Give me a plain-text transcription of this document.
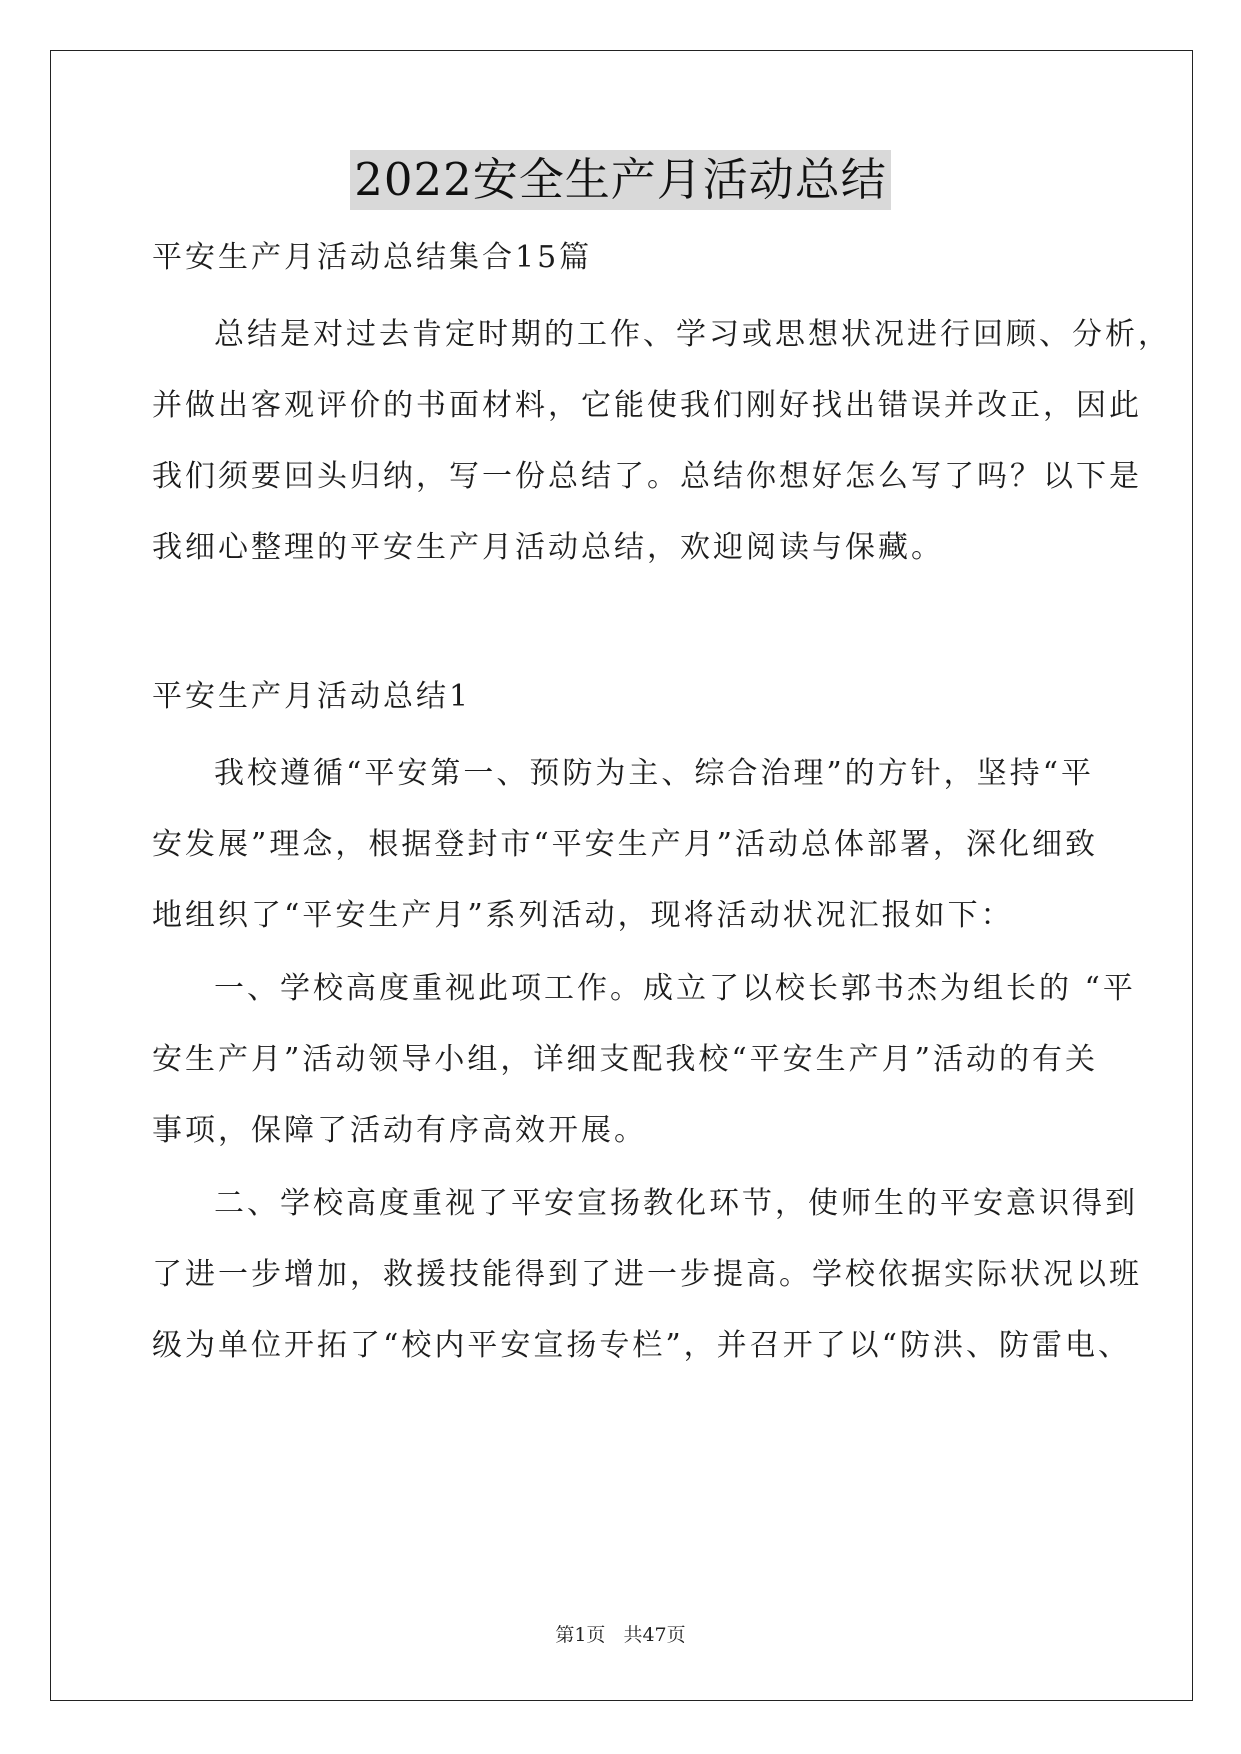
2022安全生产月活动总结
平安生产月活动总结集合15篇
总结是对过去肯定时期的工作、学习或思想状况进行回顾、分析，
并做出客观评价的书面材料，它能使我们刚好找出错误并改正，因此
我们须要回头归纳，写一份总结了。总结你想好怎么写了吗？以下是
我细心整理的平安生产月活动总结，欢迎阅读与保藏。
平安生产月活动总结1
我校遵循“平安第一、预防为主、综合治理”的方针，坚持“平
安发展”理念，根据登封市“平安生产月”活动总体部署，深化细致
地组织了“平安生产月”系列活动，现将活动状况汇报如下：
一、学校高度重视此项工作。成立了以校长郭书杰为组长的 “平
安生产月”活动领导小组，详细支配我校“平安生产月”活动的有关
事项，保障了活动有序高效开展。
二、学校高度重视了平安宣扬教化环节，使师生的平安意识得到
了进一步增加，救援技能得到了进一步提高。学校依据实际状况以班
级为单位开拓了“校内平安宣扬专栏”，并召开了以“防洪、防雷电、
第1页 共47页
